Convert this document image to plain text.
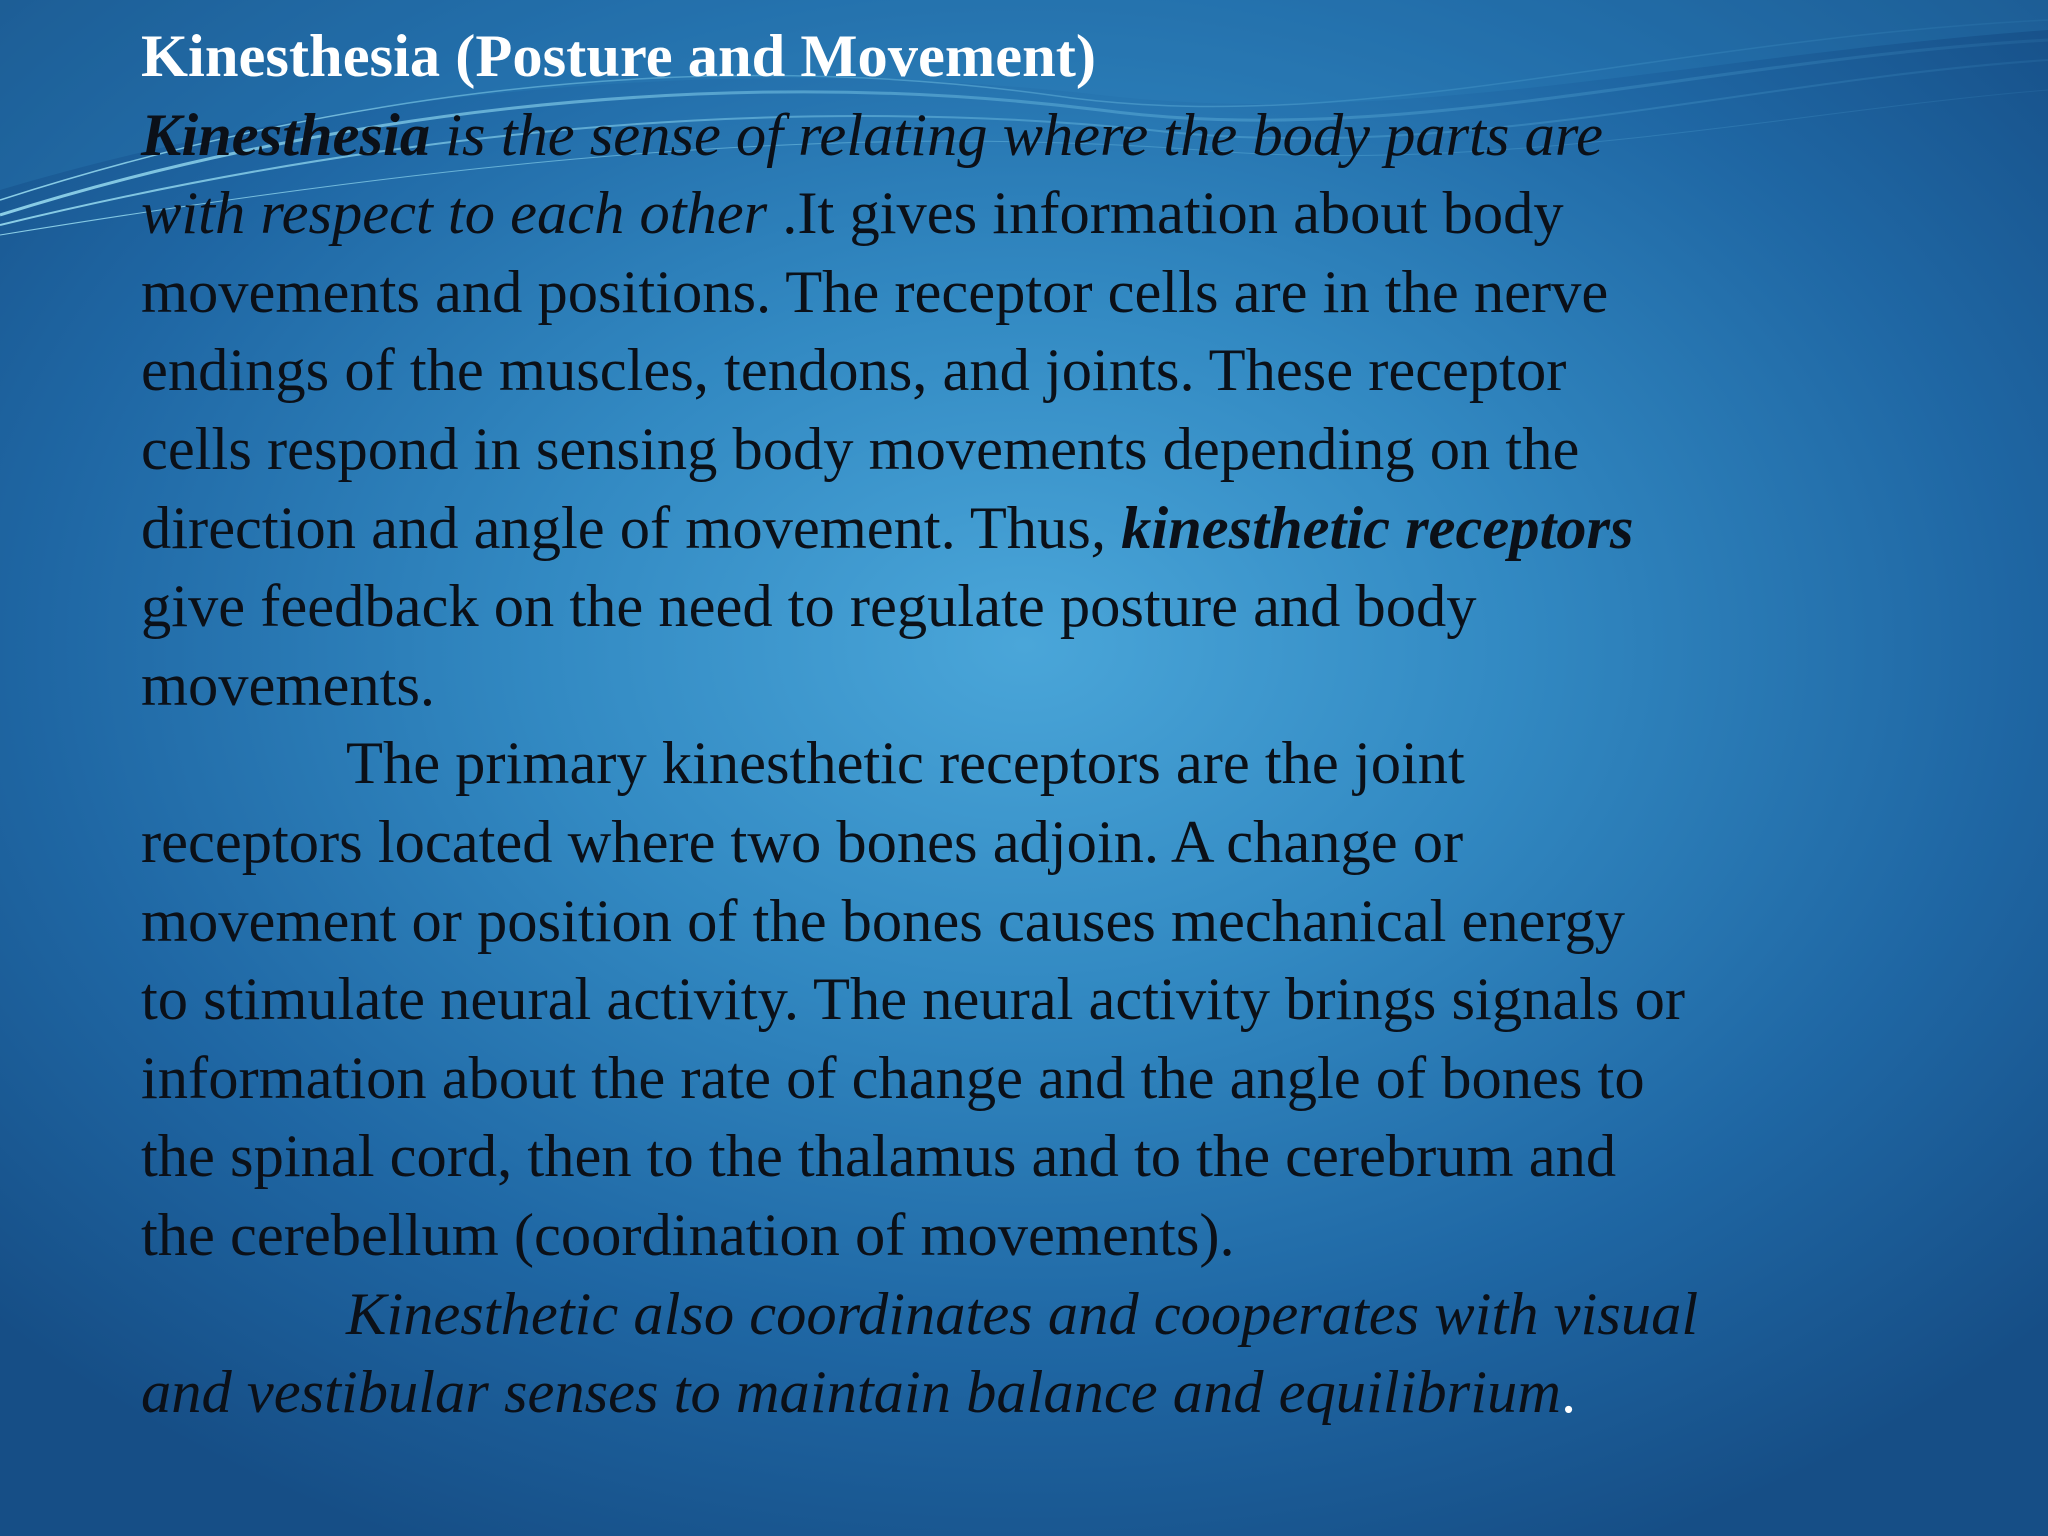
Kinesthesia (Posture and Movement)
Kinesthesia is the sense of relating where the body parts are
with respect to each other .It gives information about body
movements and positions. The receptor cells are in the nerve
endings of the muscles, tendons, and joints. These receptor
cells respond in sensing body movements depending on the
direction and angle of movement. Thus, kinesthetic receptors
give feedback on the need to regulate posture and body
movements.
The primary kinesthetic receptors are the joint
receptors located where two bones adjoin. A change or
movement or position of the bones causes mechanical energy
to stimulate neural activity. The neural activity brings signals or
information about the rate of change and the angle of bones to
the spinal cord, then to the thalamus and to the cerebrum and
the cerebellum (coordination of movements).
Kinesthetic also coordinates and cooperates with visual
and vestibular senses to maintain balance and equilibrium.
